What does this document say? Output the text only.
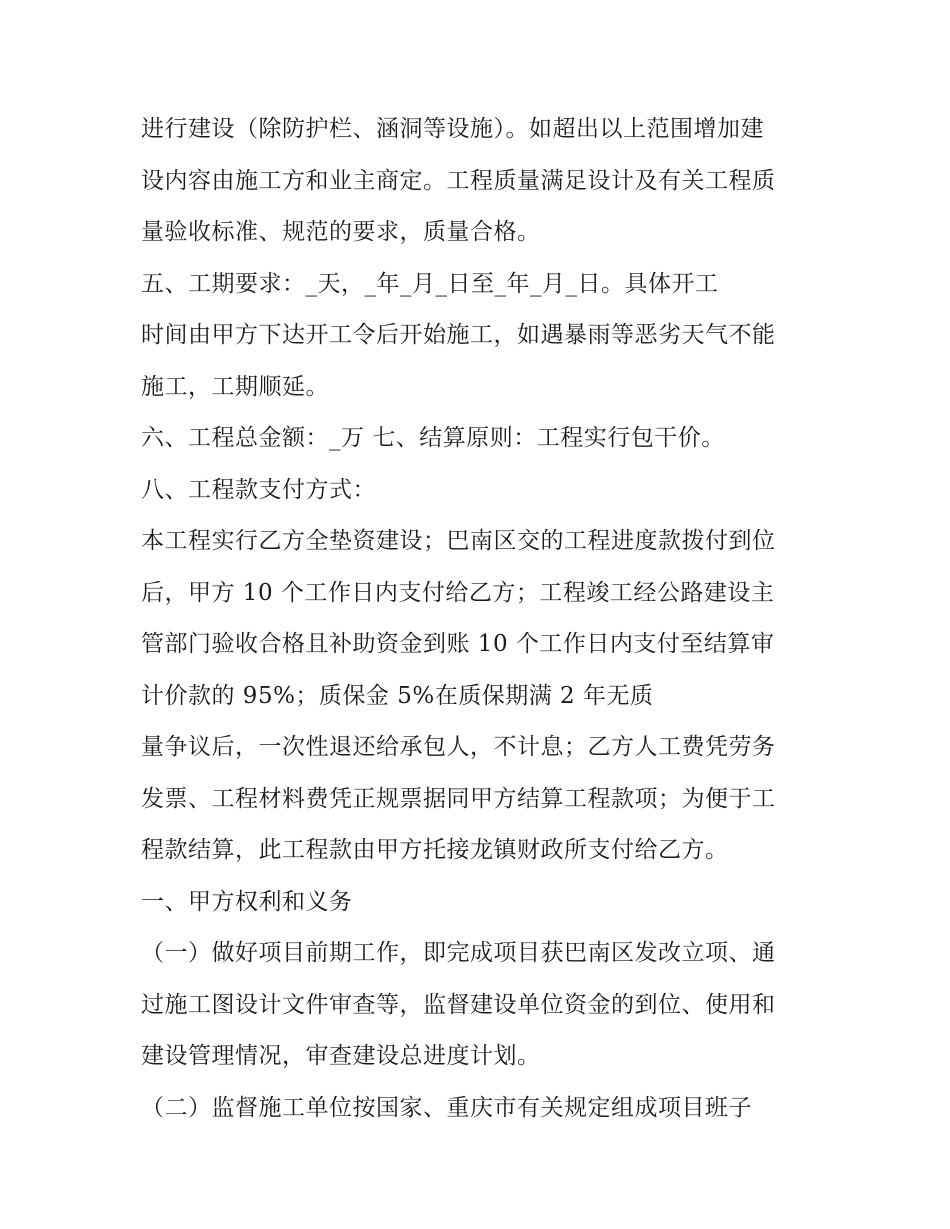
进行建设（除防护栏、涵洞等设施）。如超出以上范围增加建
设内容由施工方和业主商定。工程质量满足设计及有关工程质
量验收标准、规范的要求，质量合格。
五、工期要求：_天，_年_月_日至_年_月_日。具体开工
时间由甲方下达开工令后开始施工，如遇暴雨等恶劣天气不能
施工，工期顺延。
六、工程总金额：_万 七、结算原则：工程实行包干价。
八、工程款支付方式：
本工程实行乙方全垫资建设；巴南区交的工程进度款拨付到位
后，甲方 10 个工作日内支付给乙方；工程竣工经公路建设主
管部门验收合格且补助资金到账 10 个工作日内支付至结算审
计价款的 95%；质保金 5%在质保期满 2 年无质
量争议后，一次性退还给承包人，不计息；乙方人工费凭劳务
发票、工程材料费凭正规票据同甲方结算工程款项；为便于工
程款结算，此工程款由甲方托接龙镇财政所支付给乙方。
一、甲方权利和义务
（一）做好项目前期工作，即完成项目获巴南区发改立项、通
过施工图设计文件审查等，监督建设单位资金的到位、使用和
建设管理情况，审查建设总进度计划。
（二）监督施工单位按国家、重庆市有关规定组成项目班子
